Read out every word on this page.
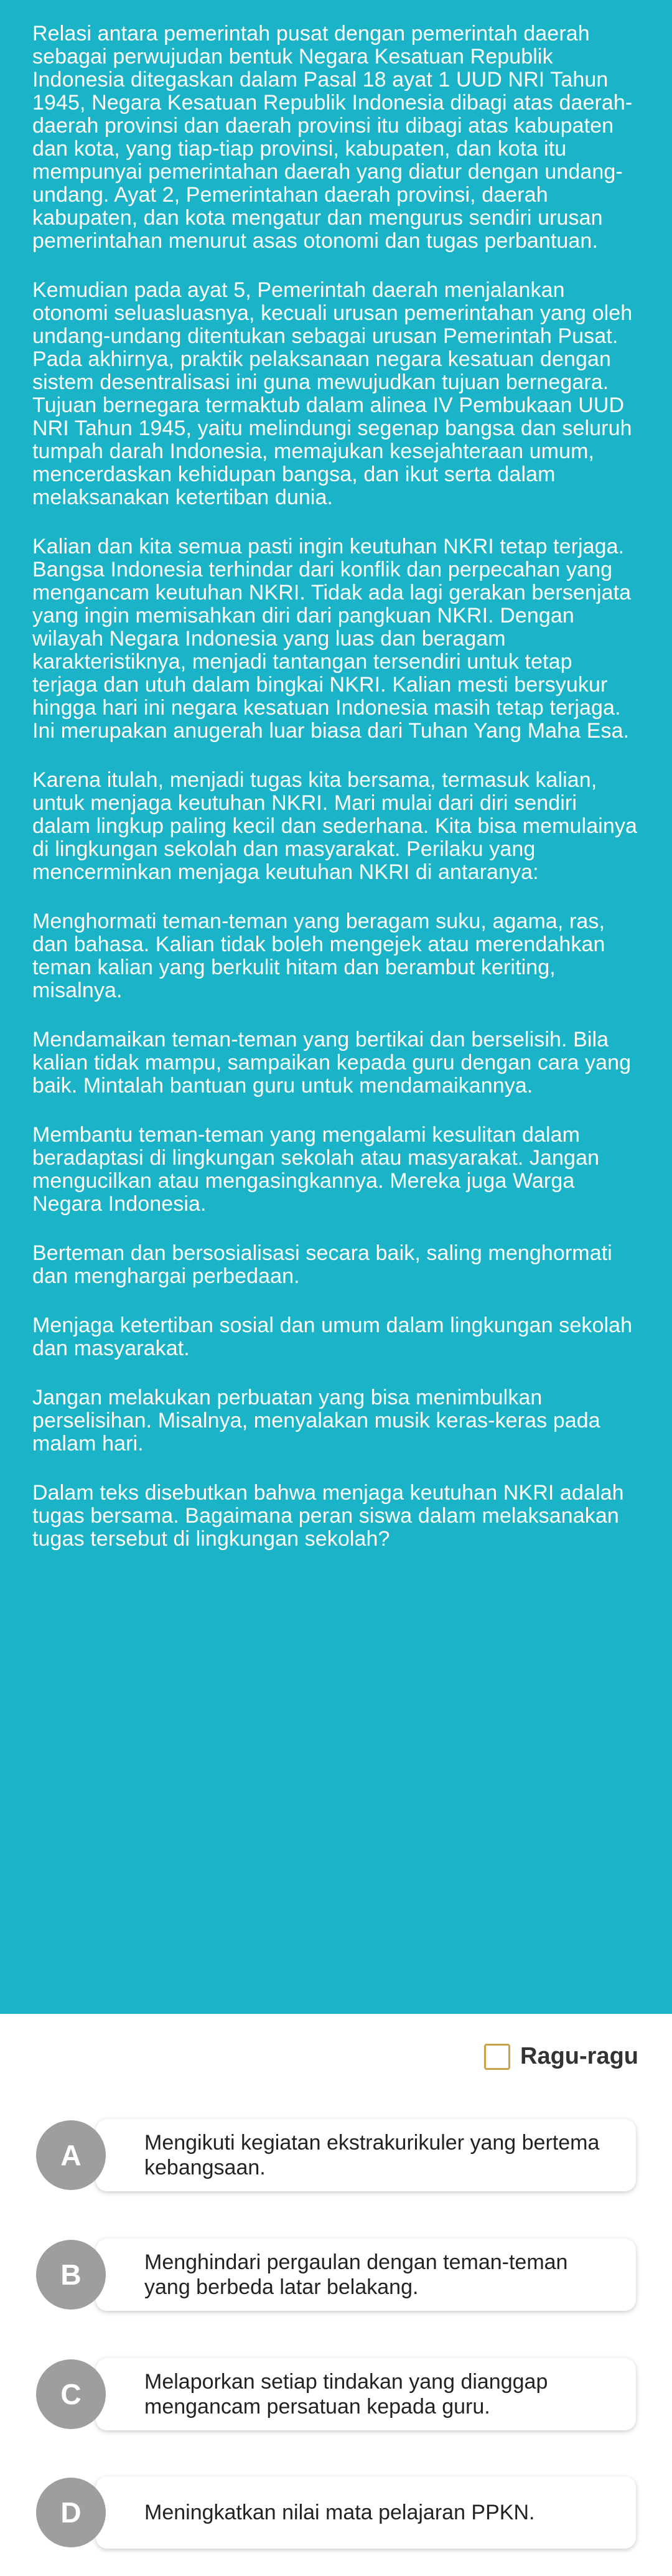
Relasi antara pemerintah pusat dengan pemerintah daerah sebagai perwujudan bentuk Negara Kesatuan Republik Indonesia ditegaskan dalam Pasal 18 ayat 1 UUD NRI Tahun 1945, Negara Kesatuan Republik Indonesia dibagi atas daerah-daerah provinsi dan daerah provinsi itu dibagi atas kabupaten dan kota, yang tiap-tiap provinsi, kabupaten, dan kota itu mempunyai pemerintahan daerah yang diatur dengan undang-undang. Ayat 2, Pemerintahan daerah provinsi, daerah kabupaten, dan kota mengatur dan mengurus sendiri urusan pemerintahan menurut asas otonomi dan tugas perbantuan.

Kemudian pada ayat 5, Pemerintah daerah menjalankan otonomi seluasluasnya, kecuali urusan pemerintahan yang oleh undang-undang ditentukan sebagai urusan Pemerintah Pusat. Pada akhirnya, praktik pelaksanaan negara kesatuan dengan sistem desentralisasi ini guna mewujudkan tujuan bernegara. Tujuan bernegara termaktub dalam alinea IV Pembukaan UUD NRI Tahun 1945, yaitu melindungi segenap bangsa dan seluruh tumpah darah Indonesia, memajukan kesejahteraan umum, mencerdaskan kehidupan bangsa, dan ikut serta dalam melaksanakan ketertiban dunia.

Kalian dan kita semua pasti ingin keutuhan NKRI tetap terjaga. Bangsa Indonesia terhindar dari konflik dan perpecahan yang mengancam keutuhan NKRI. Tidak ada lagi gerakan bersenjata yang ingin memisahkan diri dari pangkuan NKRI. Dengan wilayah Negara Indonesia yang luas dan beragam karakteristiknya, menjadi tantangan tersendiri untuk tetap terjaga dan utuh dalam bingkai NKRI. Kalian mesti bersyukur hingga hari ini negara kesatuan Indonesia masih tetap terjaga. Ini merupakan anugerah luar biasa dari Tuhan Yang Maha Esa.

Karena itulah, menjadi tugas kita bersama, termasuk kalian, untuk menjaga keutuhan NKRI. Mari mulai dari diri sendiri dalam lingkup paling kecil dan sederhana. Kita bisa memulainya di lingkungan sekolah dan masyarakat. Perilaku yang mencerminkan menjaga keutuhan NKRI di antaranya:

Menghormati teman-teman yang beragam suku, agama, ras, dan bahasa. Kalian tidak boleh mengejek atau merendahkan teman kalian yang berkulit hitam dan berambut keriting, misalnya.

Mendamaikan teman-teman yang bertikai dan berselisih. Bila kalian tidak mampu, sampaikan kepada guru dengan cara yang baik. Mintalah bantuan guru untuk mendamaikannya.

Membantu teman-teman yang mengalami kesulitan dalam beradaptasi di lingkungan sekolah atau masyarakat. Jangan mengucilkan atau mengasingkannya. Mereka juga Warga Negara Indonesia.

Berteman dan bersosialisasi secara baik, saling menghormati dan menghargai perbedaan.

Menjaga ketertiban sosial dan umum dalam lingkungan sekolah dan masyarakat.

Jangan melakukan perbuatan yang bisa menimbulkan perselisihan. Misalnya, menyalakan musik keras-keras pada malam hari.

Dalam teks disebutkan bahwa menjaga keutuhan NKRI adalah tugas bersama. Bagaimana peran siswa dalam melaksanakan tugas tersebut di lingkungan sekolah?

Ragu-ragu
A	Mengikuti kegiatan ekstrakurikuler yang bertema kebangsaan.
B	Menghindari pergaulan dengan teman-teman yang berbeda latar belakang.
C	Melaporkan setiap tindakan yang dianggap mengancam persatuan kepada guru.
D	Meningkatkan nilai mata pelajaran PPKN.
